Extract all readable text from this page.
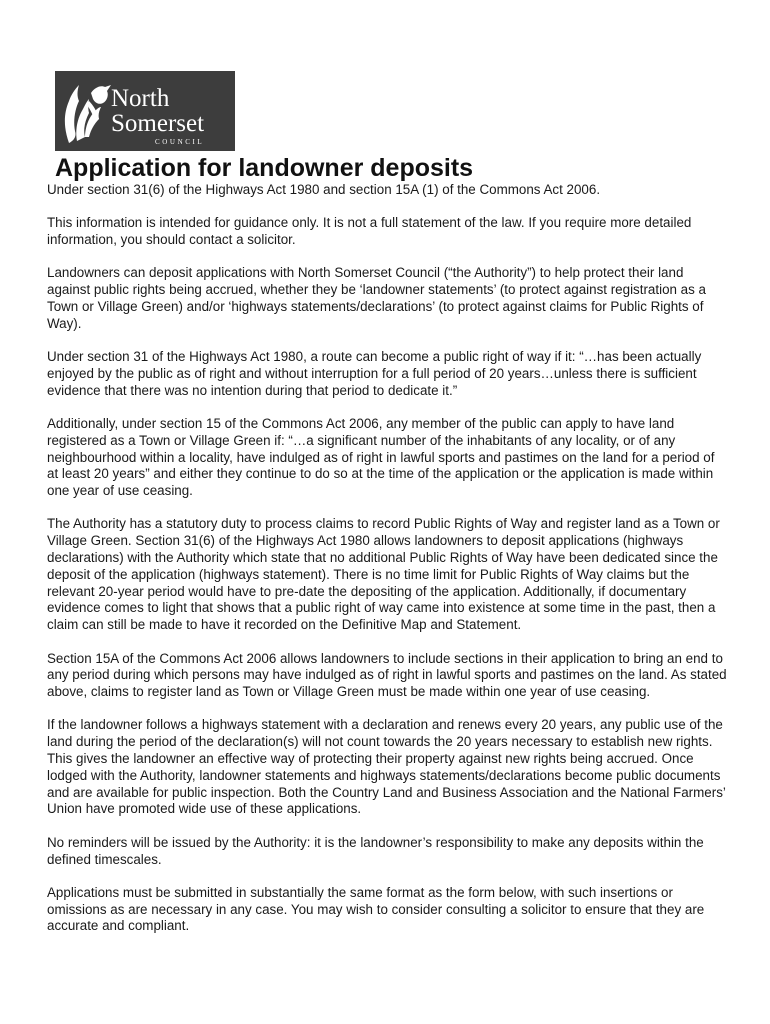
North
Somerset
COUNCIL
Application for landowner deposits

Under section 31(6) of the Highways Act 1980 and section 15A (1) of the Commons Act 2006.

This information is intended for guidance only. It is not a full statement of the law. If you require more detailed information, you should contact a solicitor.

Landowners can deposit applications with North Somerset Council (“the Authority”) to help protect their land against public rights being accrued, whether they be ‘landowner statements’ (to protect against registration as a Town or Village Green) and/or ‘highways statements/declarations’ (to protect against claims for Public Rights of Way).

Under section 31 of the Highways Act 1980, a route can become a public right of way if it: “…has been actually enjoyed by the public as of right and without interruption for a full period of 20 years…unless there is sufficient evidence that there was no intention during that period to dedicate it.”

Additionally, under section 15 of the Commons Act 2006, any member of the public can apply to have land registered as a Town or Village Green if: “…a significant number of the inhabitants of any locality, or of any neighbourhood within a locality, have indulged as of right in lawful sports and pastimes on the land for a period of at least 20 years” and either they continue to do so at the time of the application or the application is made within one year of use ceasing.

The Authority has a statutory duty to process claims to record Public Rights of Way and register land as a Town or Village Green. Section 31(6) of the Highways Act 1980 allows landowners to deposit applications (highways declarations) with the Authority which state that no additional Public Rights of Way have been dedicated since the deposit of the application (highways statement). There is no time limit for Public Rights of Way claims but the relevant 20-year period would have to pre-date the depositing of the application. Additionally, if documentary evidence comes to light that shows that a public right of way came into existence at some time in the past, then a claim can still be made to have it recorded on the Definitive Map and Statement.

Section 15A of the Commons Act 2006 allows landowners to include sections in their application to bring an end to any period during which persons may have indulged as of right in lawful sports and pastimes on the land. As stated above, claims to register land as Town or Village Green must be made within one year of use ceasing.

If the landowner follows a highways statement with a declaration and renews every 20 years, any public use of the land during the period of the declaration(s) will not count towards the 20 years necessary to establish new rights. This gives the landowner an effective way of protecting their property against new rights being accrued. Once lodged with the Authority, landowner statements and highways statements/declarations become public documents and are available for public inspection. Both the Country Land and Business Association and the National Farmers’ Union have promoted wide use of these applications.

No reminders will be issued by the Authority: it is the landowner’s responsibility to make any deposits within the defined timescales.

Applications must be submitted in substantially the same format as the form below, with such insertions or omissions as are necessary in any case. You may wish to consider consulting a solicitor to ensure that they are accurate and compliant.
